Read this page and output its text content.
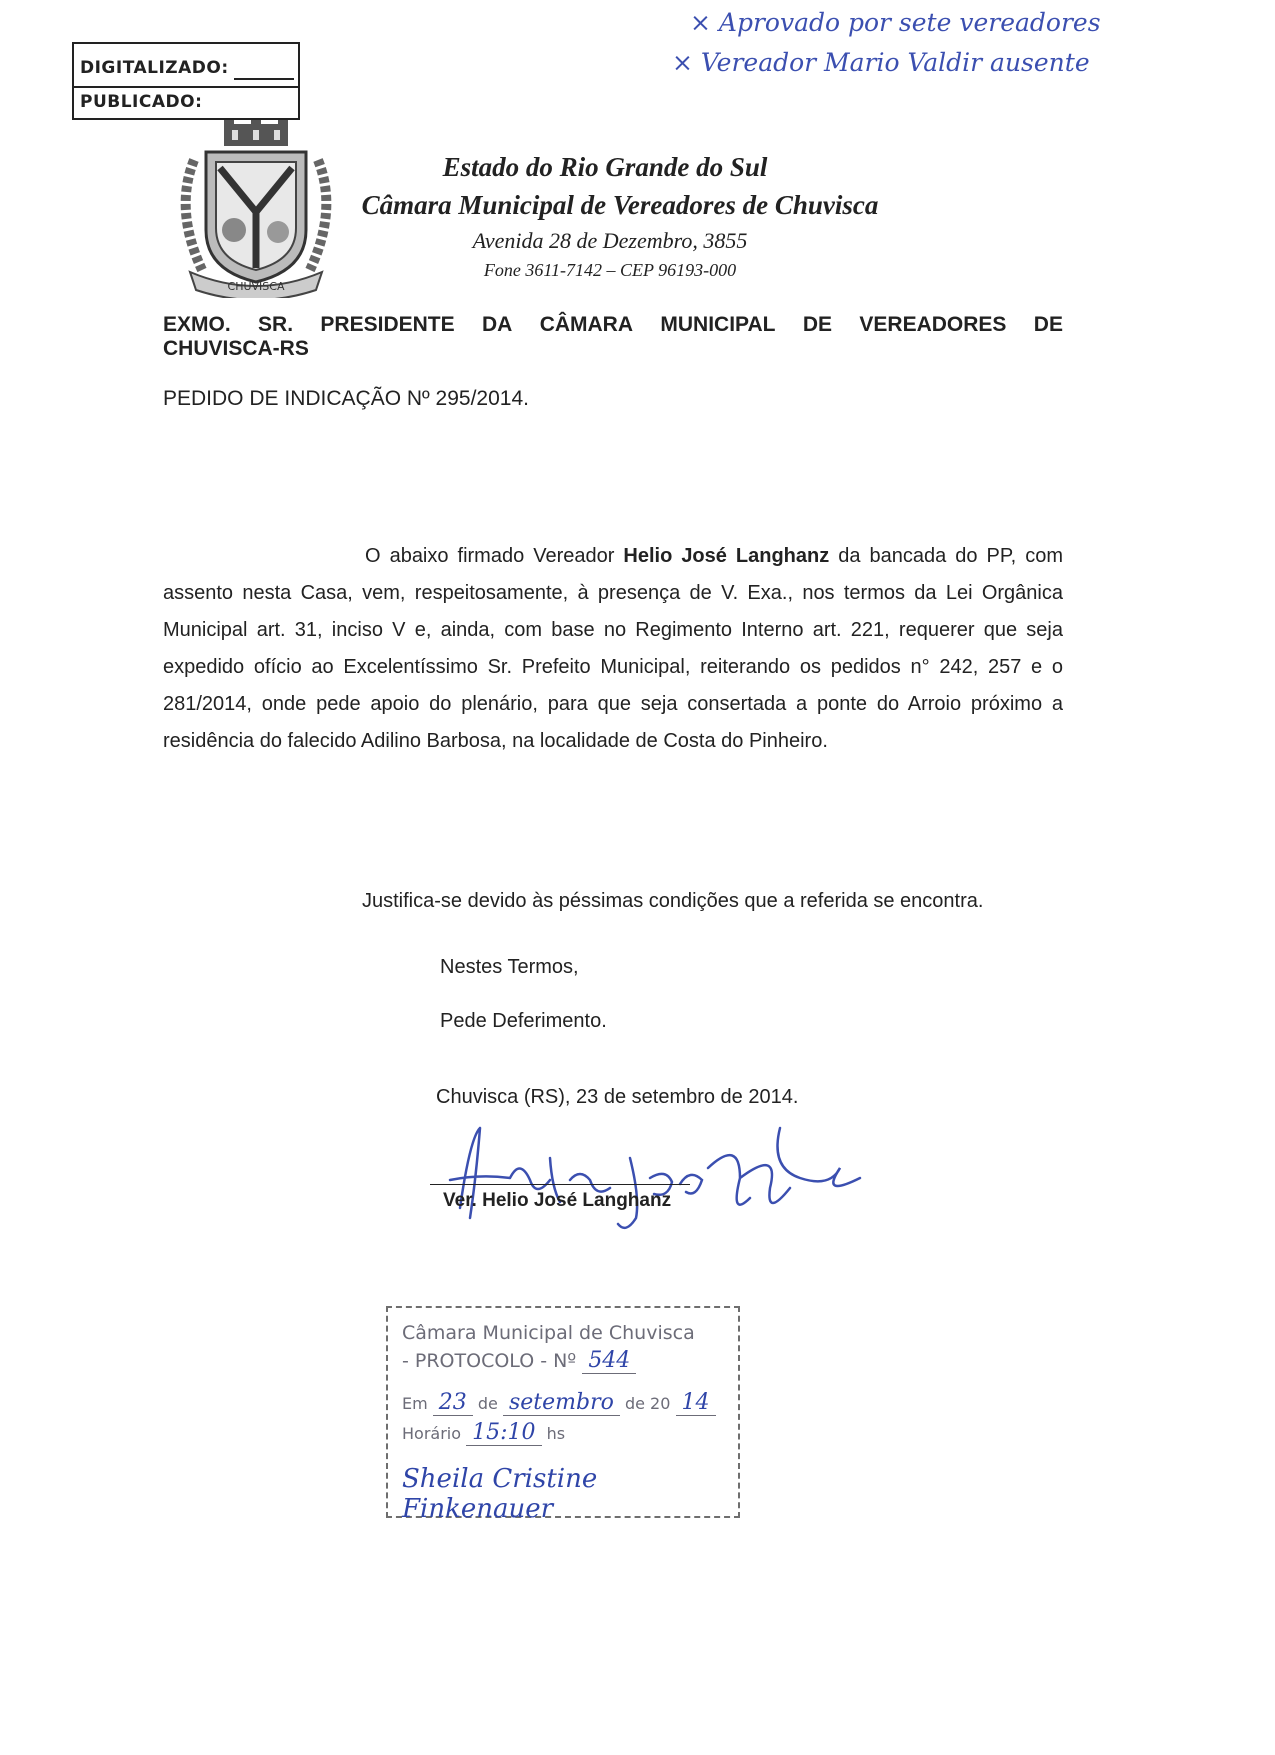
DIGITALIZADO:
PUBLICADO:
× Aprovado por sete vereadores
× Vereador Mario Valdir ausente
CHUVISCA
Estado do Rio Grande do Sul
Câmara Municipal de Vereadores de Chuvisca
Avenida 28 de Dezembro, 3855
Fone 3611-7142 – CEP 96193-000
EXMO. SR. PRESIDENTE DA CÂMARA MUNICIPAL DE VEREADORES DE
CHUVISCA-RS
PEDIDO DE INDICAÇÃO Nº 295/2014.
O abaixo firmado Vereador Helio José Langhanz da bancada do PP, com assento nesta Casa, vem, respeitosamente, à presença de V. Exa., nos termos da Lei Orgânica Municipal art. 31, inciso V e, ainda, com base no Regimento Interno art. 221, requerer que seja expedido ofício ao Excelentíssimo Sr. Prefeito Municipal, reiterando os pedidos n° 242, 257 e o 281/2014, onde pede apoio do plenário, para que seja consertada a ponte do Arroio próximo a residência do falecido Adilino Barbosa, na localidade de Costa do Pinheiro.
Justifica-se devido às péssimas condições que a referida se encontra.
Nestes Termos,
Pede Deferimento.
Chuvisca (RS), 23 de setembro de 2014.
Ver. Helio José Langhanz
Câmara Municipal de Chuvisca
- PROTOCOLO - Nº 544
Em 23 de setembro de 20 14
Horário 15:10 hs
Sheila Cristine Finkenauer
